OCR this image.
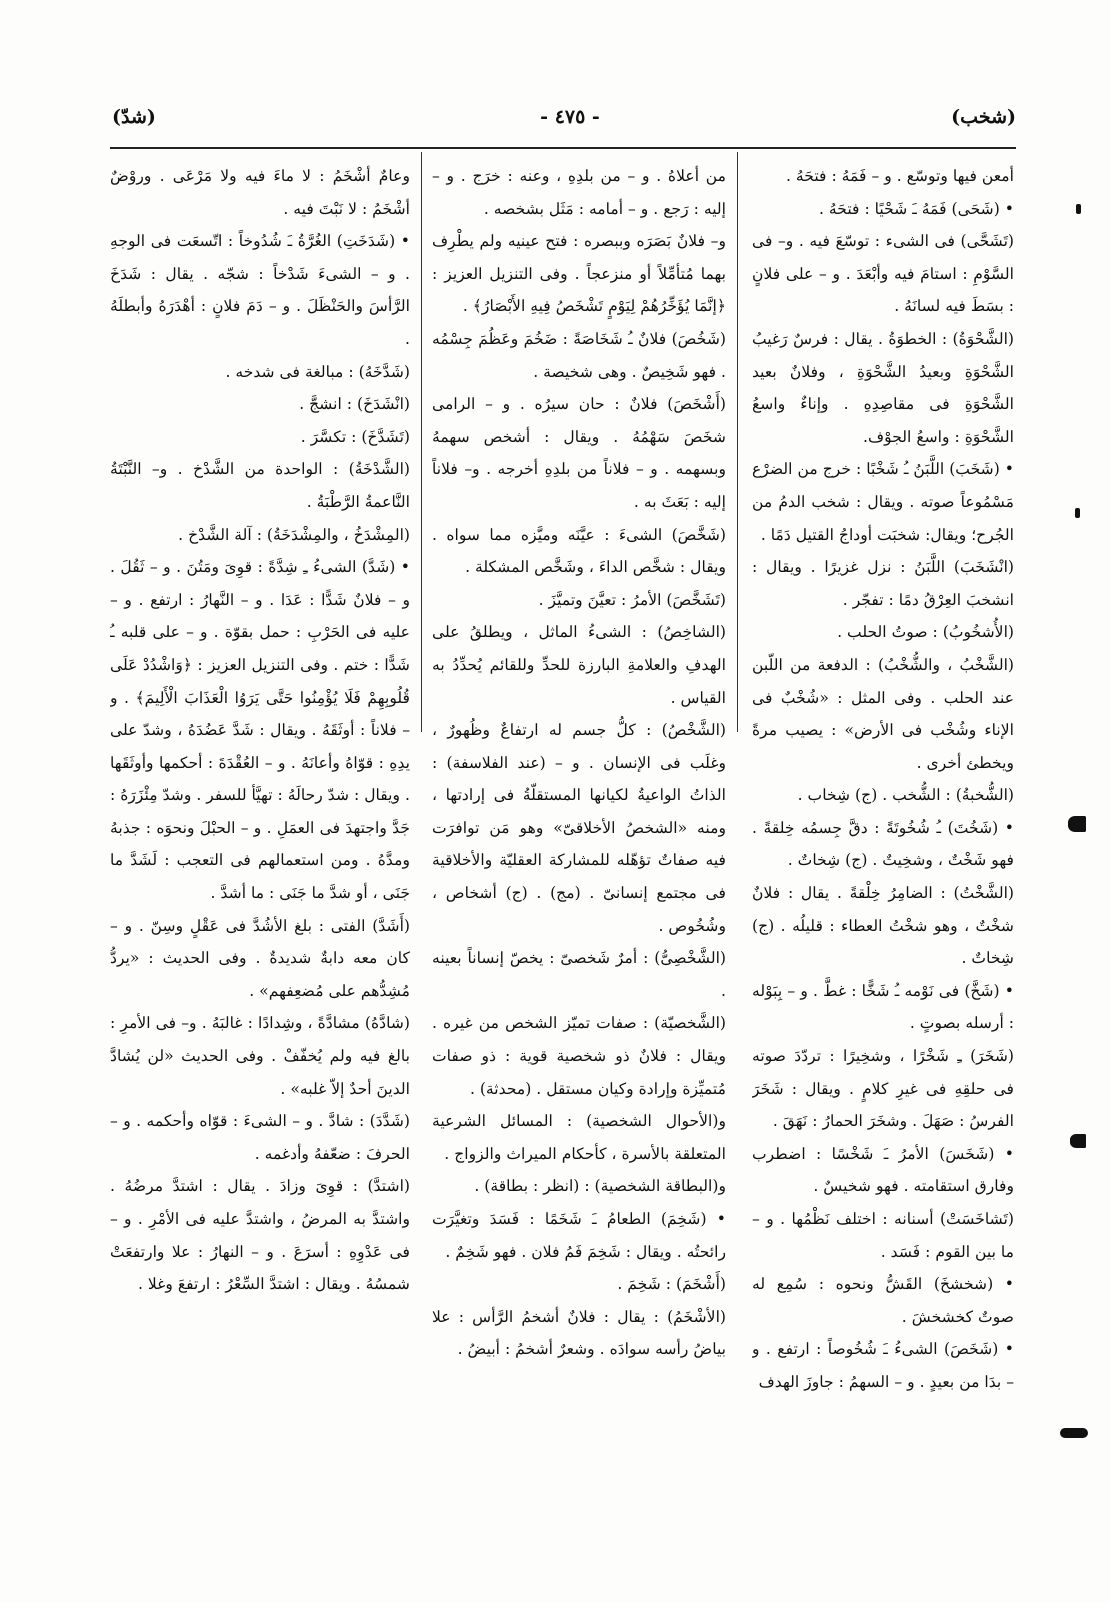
(شدّ)	- ٤٧٥ -	(شخب)

أمعن فيها وتوسّع . و – فَمَهُ : فتحَهُ .

• (شَحَى) فَمَهُ ـَ شَحْيًا : فتحَهُ .

(تَشَحَّى) فى الشىء : توسّعَ فيه . و– فى السَّوْمِ : استامَ فيه وأبْعَدَ . و – على فلانٍ : بسَطَ فيه لسانَهُ .

(الشَّحْوَةُ) : الخطوَةُ . يقال : فرسٌ رَغيبُ الشَّحْوَةِ وبعيدُ الشَّحْوَةِ ، وفلانٌ بعيد الشَّحْوَةِ فى مقاصِدِهِ . وإناءٌ واسعُ الشَّحْوَةِ : واسعُ الجوْف.

• (شَخَبَ) اللَّبَنُ ـُ شَخْبًا : خرج من الضرْع مَسْمُوعاً صوته . ويقال : شخب الدمُ من الجُرح؛ ويقال: شخبَت أوداجُ القتيل دَمًا .

(انْشَخَبَ) اللَّبَنُ : نزل غزيرًا . ويقال : انشخبَ العِرْقُ دمًا : تفجّر .

(الأُشخُوبُ) : صوتُ الحلب .

(الشَّخْبُ ، والشُّخْبُ) : الدفعة من اللّبن عند الحلب . وفى المثل : «شُخْبٌ فى الإناء وشُخْب فى الأرض» : يصيب مرةً ويخطئ أخرى .

(الشُّخبةُ) : الشُّخب . (ج) شِخاب .

• (شَخُتَ) ـُ شُخُوتَةً : دقَّ جِسمُه خِلقةً . فهو شَخْتٌ ، وشخِيتٌ . (ج) شِخاتٌ .

(الشَّخْتُ) : الضامِرُ خِلْقةً . يقال : فلانٌ شخْتٌ ، وهو شخْتُ العطاء : قليلُه . (ج) شِخاتٌ .

• (شَخَّ) فى نَوْمه ـُ شَخًّا : غطَّ . و – بِبَوْله : أرسله بصوتٍ .

(شَخَرَ) ـِ شَخْرًا ، وشخِيرًا : تردّدَ صوته فى حلقِهِ فى غيرِ كلامٍ . ويقال : شَخَرَ الفرسُ : صَهَلَ . وشخَرَ الحمارُ : نَهَقَ .

• (شَخَسَ) الأمرُ ـَ شَخْسًا : اضطرب وفارق استقامته . فهو شخيسٌ .

(تَشاخَسَتْ) أسنانه : اختلف نَظْمُها . و – ما بين القوم : فَسَد .

• (شخشخَ) القَشُّ ونحوه : سُمِع له صوتٌ كخشخشَ .

• (شَخَصَ) الشىءُ ـَ شُخُوصاً : ارتفع . و – بدَا من بعيدٍ . و – السهمُ : جاوزَ الهدف

من أعلاهُ . و – من بلدِهِ ، وعنه : خرَج . و – إليه : رَجع . و – أمامه : مَثَل بشخصه .

و– فلانٌ بَصَرَه وببصره : فتح عينيه ولم يطْرِف بهما مُتأمِّلاً أو منزعجاً . وفى التنزيل العزيز : ﴿إنَّمَا يُؤَخِّرُهُمْ لِيَوْمٍ تَشْخَصُ فِيهِ الأَبْصَارُ﴾ .

(شَخُصَ) فلانٌ ـُ شَخَاصَةً : ضَخُمَ وعَظُمَ جِسْمُه . فهو شَخِيصٌ . وهى شخيصة .

(أَشْخَصَ) فلانٌ : حان سيرُه . و – الرامى شخَصَ سَهْمُهُ . ويقال : أشخص سهمهُ وبسهمه . و – فلاناً من بلدِهِ أخرجه . و– فلاناً إليه : بَعَثَ به .

(شَخَّصَ) الشىءَ : عيَّنَه وميَّزه مما سواه . ويقال : شخَّص الداءَ ، وشَخَّص المشكلة .

(تَشَخَّصَ) الأمرُ : تعيَّنَ وتميَّزَ .

(الشاخِصُ) : الشىءُ الماثل ، ويطلقُ على الهدفِ والعلامةِ البارزة للحدِّ وللقائم يُحدِّدُ به القياس .

(الشَّخْصُ) : كلُّ جسم له ارتفاعٌ وظُهورٌ ، وغلَب فى الإنسان . و – (عند الفلاسفة) : الذاتُ الواعيةُ لكيانها المستقلّةُ فى إرادتها ، ومنه «الشخصُ الأخلاقىّ» وهو مَن توافرَت فيه صفاتٌ تؤهّله للمشاركة العقليّة والأخلاقية فى مجتمع إنسانىّ . (مج) . (ج) أشخاص ، وشُخُوص .

(الشَّخْصِىُّ) : أمرٌ شَخصىّ : يخصّ إنساناً بعينه .

(الشَّخصيّة) : صفات تميّز الشخص من غيره . ويقال : فلانٌ ذو شخصية قوية : ذو صفات مُتميِّزة وإرادة وكيان مستقل . (محدثة) .

و(الأحوال الشخصية) : المسائل الشرعية المتعلقة بالأسرة ، كأحكام الميراث والزواج .

و(البطاقة الشخصية) : (انظر : بطاقة) .

• (شَخِمَ) الطعامُ ـَ شَخَمًا : فَسَدَ وتغيَّرَت رائحتُه . ويقال : شَخِمَ فَمُ فلان . فهو شَخِمٌ .

(أَشْخَمَ) : شَخِمَ .

(الأشْخَمُ) : يقال : فلانٌ أشخمُ الرَّأس : علا بياضُ رأسه سوادَه . وشعرٌ أشخمُ : أبيضُ .

وعامٌ أشْخَمُ : لا ماءَ فيه ولا مَرْعَى . وروْضٌ أشْخَمُ : لا نَبْتَ فيه .

• (شَدَخَتِ) الغُرَّةُ ـَ شُدُوخاً : اتّسعَت فى الوجهِ . و – الشىءَ شَدْخاً : شجّه . يقال : شَدَخَ الرَّأسَ والحَنْظَلَ . و – دَمَ فلانٍ : أهْدَرَهُ وأبطلَهُ .

(شَدَّخَهُ) : مبالغة فى شدخه .

(انْشَدَخَ) : انشجَّ .

(تَشَدَّخَ) : تكسَّرَ .

(الشَّدْخَةُ) : الواحدة من الشَّدْخ . و– النَّبْتَةُ النَّاعمةُ الرَّطْبَةُ .

(المِشْدَخُ ، والمِشْدَخَةُ) : آلة الشَّدْخ .

• (شَدَّ) الشىءُ ـِ شِدَّةً : قوِىَ ومَتُنَ . و – ثَقُلَ . و – فلانٌ شَدًّا : عَدَا . و – النَّهارُ : ارتفع . و – عليه فى الحَرْبِ : حمل بقوّة . و – على قلبه ـُ شَدًّا : ختم . وفى التنزيل العزيز : ﴿وَاشْدُدْ عَلَى قُلُوبِهِمْ فَلَا يُؤْمِنُوا حَتَّى يَرَوُا الْعَذَابَ الْأَلِيمَ﴾ . و – فلاناً : أوثَقَهُ . ويقال : شَدَّ عَضُدَهُ ، وشدّ على يدِهِ : قوّاهُ وأعانَهُ . و – العُقْدَةَ : أحكمها وأوثَقَها . ويقال : شدّ رحالَهُ : تهيَّأ للسفر . وشدّ مِئْزَرَهُ : جَدَّ واجتهدَ فى العمَلِ . و – الحبْلَ ونحوَه : جذبهُ ومدَّهُ . ومن استعمالهم فى التعجب : لَشَدَّ ما جَنَى ، أو شدَّ ما جَنَى : ما أشدَّ .

(أَشَدَّ) الفتى : بلغ الأشُدَّ فى عَقْلٍ وسِنّ . و – كان معه دابةٌ شديدةٌ . وفى الحديث : «يردُّ مُشِدُّهم على مُضعِفهم» .

(شادَّهُ) مشادَّةً ، وشِدادًا : غالبَهُ . و– فى الأمرِ : بالغ فيه ولم يُخفّفْ . وفى الحديث «لن يُشادَّ الدينَ أحدٌ إلاّ غلبه» .

(شَدَّدَ) : شادَّ . و – الشىءَ : قوّاه وأحكمه . و – الحرفَ : ضعّفهُ وأدغمه .

(اشتدَّ) : قوِىَ وزادَ . يقال : اشتدَّ مرضُهُ . واشتدَّ به المرضُ ، واشتدَّ عليه فى الأمْرِ . و – فى عَدْوِهِ : أسرَعَ . و – النهارُ : علا وارتفعَتْ شمسُهُ . ويقال : اشتدَّ السِّعْرُ : ارتفعَ وغلا .
